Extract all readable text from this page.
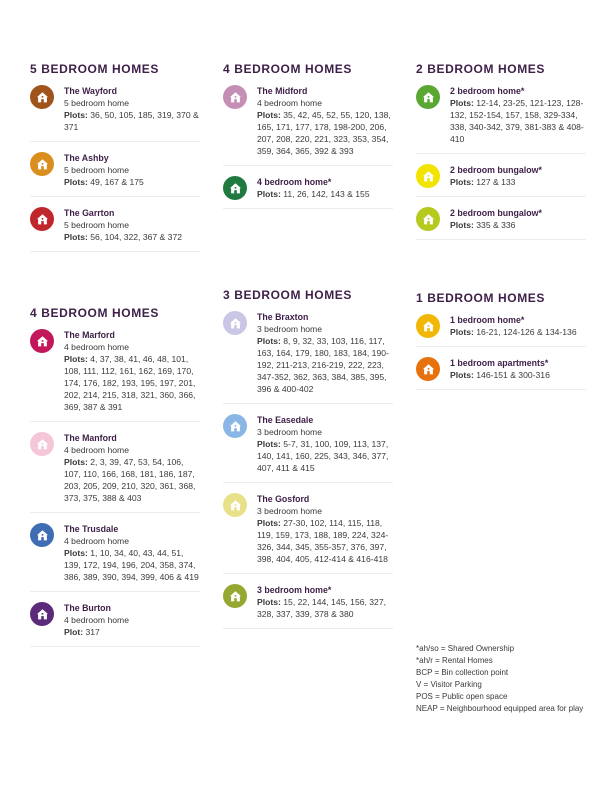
5 BEDROOM HOMES
The Wayford
5 bedroom home
Plots: 36, 50, 105, 185, 319, 370 & 371
The Ashby
5 bedroom home
Plots: 49, 167 & 175
The Garrton
5 bedroom home
Plots: 56, 104, 322, 367 & 372
4 BEDROOM HOMES
The Marford
4 bedroom home
Plots: 4, 37, 38, 41, 46, 48, 101, 108, 111, 112, 161, 162, 169, 170, 174, 176, 182, 193, 195, 197, 201, 202, 214, 215, 318, 321, 360, 366, 369, 387 & 391
The Manford
4 bedroom home
Plots: 2, 3, 39, 47, 53, 54, 106, 107, 110, 166, 168, 181, 186, 187, 203, 205, 209, 210, 320, 361, 368, 373, 375, 388 & 403
The Trusdale
4 bedroom home
Plots: 1, 10, 34, 40, 43, 44, 51, 139, 172, 194, 196, 204, 358, 374, 386, 389, 390, 394, 399, 406 & 419
The Burton
4 bedroom home
Plot: 317
4 BEDROOM HOMES
The Midford
4 bedroom home
Plots: 35, 42, 45, 52, 55, 120, 138, 165, 171, 177, 178, 198-200, 206, 207, 208, 220, 221, 323, 353, 354, 359, 364, 365, 392 & 393
4 bedroom home*
Plots: 11, 26, 142, 143 & 155
3 BEDROOM HOMES
The Braxton
3 bedroom home
Plots: 8, 9, 32, 33, 103, 116, 117, 163, 164, 179, 180, 183, 184, 190-192, 211-213, 216-219, 222, 223, 347-352, 362, 363, 384, 385, 395, 396 & 400-402
The Easedale
3 bedroom home
Plots: 5-7, 31, 100, 109, 113, 137, 140, 141, 160, 225, 343, 346, 377, 407, 411 & 415
The Gosford
3 bedroom home
Plots: 27-30, 102, 114, 115, 118, 119, 159, 173, 188, 189, 224, 324-326, 344, 345, 355-357, 376, 397, 398, 404, 405, 412-414 & 416-418
3 bedroom home*
Plots: 15, 22, 144, 145, 156, 327, 328, 337, 339, 378 & 380
2 BEDROOM HOMES
2 bedroom home*
Plots: 12-14, 23-25, 121-123, 128-132, 152-154, 157, 158, 329-334, 338, 340-342, 379, 381-383 & 408-410
2 bedroom bungalow*
Plots: 127 & 133
2 bedroom bungalow*
Plots: 335 & 336
1 BEDROOM HOMES
1 bedroom home*
Plots: 16-21, 124-126 & 134-136
1 bedroom apartments*
Plots: 146-151 & 300-316
*ah/so = Shared Ownership
*ah/r = Rental Homes
BCP = Bin collection point
V = Visitor Parking
POS = Public open space
NEAP = Neighbourhood equipped area for play
